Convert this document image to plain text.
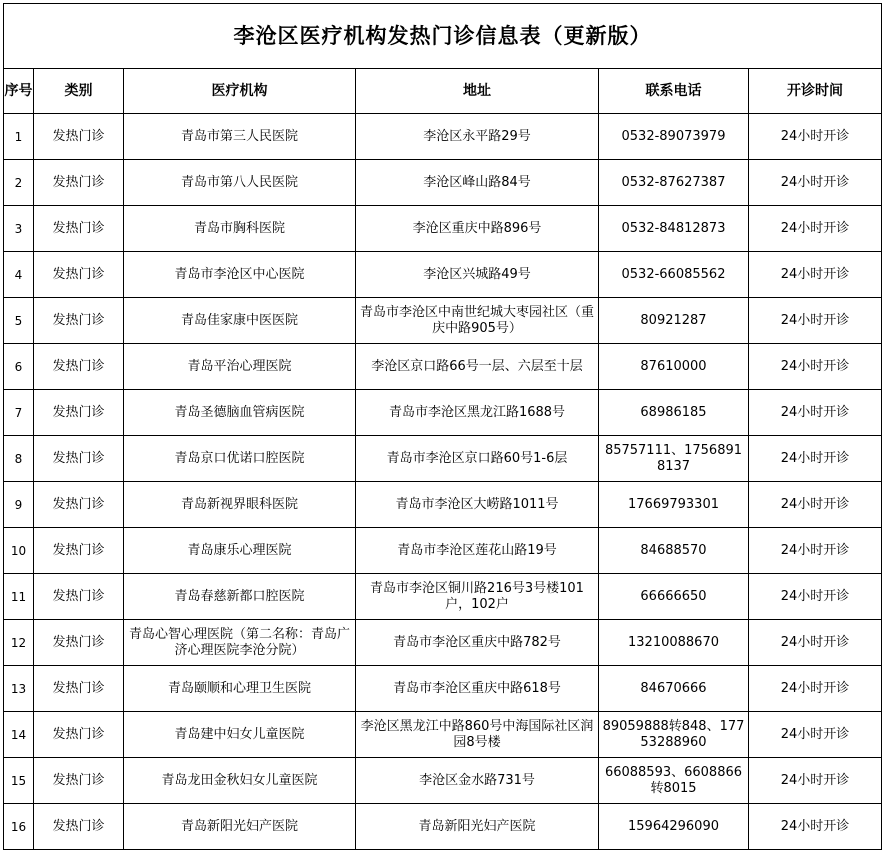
李沧区医疗机构发热门诊信息表（更新版）					
序号	类别	医疗机构	地址	联系电话	开诊时间
1	发热门诊	青岛市第三人民医院	李沧区永平路29号	0532-89073979	24小时开诊
2	发热门诊	青岛市第八人民医院	李沧区峰山路84号	0532-87627387	24小时开诊
3	发热门诊	青岛市胸科医院	李沧区重庆中路896号	0532-84812873	24小时开诊
4	发热门诊	青岛市李沧区中心医院	李沧区兴城路49号	0532-66085562	24小时开诊
5	发热门诊	青岛佳家康中医医院	青岛市李沧区中南世纪城大枣园社区（重庆中路905号）	80921287	24小时开诊
6	发热门诊	青岛平治心理医院	李沧区京口路66号一层、六层至十层	87610000	24小时开诊
7	发热门诊	青岛圣德脑血管病医院	青岛市李沧区黑龙江路1688号	68986185	24小时开诊
8	发热门诊	青岛京口优诺口腔医院	青岛市李沧区京口路60号1-6层	85757111、17568918137	24小时开诊
9	发热门诊	青岛新视界眼科医院	青岛市李沧区大崂路1011号	17669793301	24小时开诊
10	发热门诊	青岛康乐心理医院	青岛市李沧区莲花山路19号	84688570	24小时开诊
11	发热门诊	青岛春慈新都口腔医院	青岛市李沧区铜川路216号3号楼101户，102户	66666650	24小时开诊
12	发热门诊	青岛心智心理医院（第二名称：青岛广济心理医院李沧分院）	青岛市李沧区重庆中路782号	13210088670	24小时开诊
13	发热门诊	青岛颐顺和心理卫生医院	青岛市李沧区重庆中路618号	84670666	24小时开诊
14	发热门诊	青岛建中妇女儿童医院	李沧区黑龙江中路860号中海国际社区润园8号楼	89059888转848、17753288960	24小时开诊
15	发热门诊	青岛龙田金秋妇女儿童医院	李沧区金水路731号	66088593、6608866转8015	24小时开诊
16	发热门诊	青岛新阳光妇产医院	青岛新阳光妇产医院	15964296090	24小时开诊
